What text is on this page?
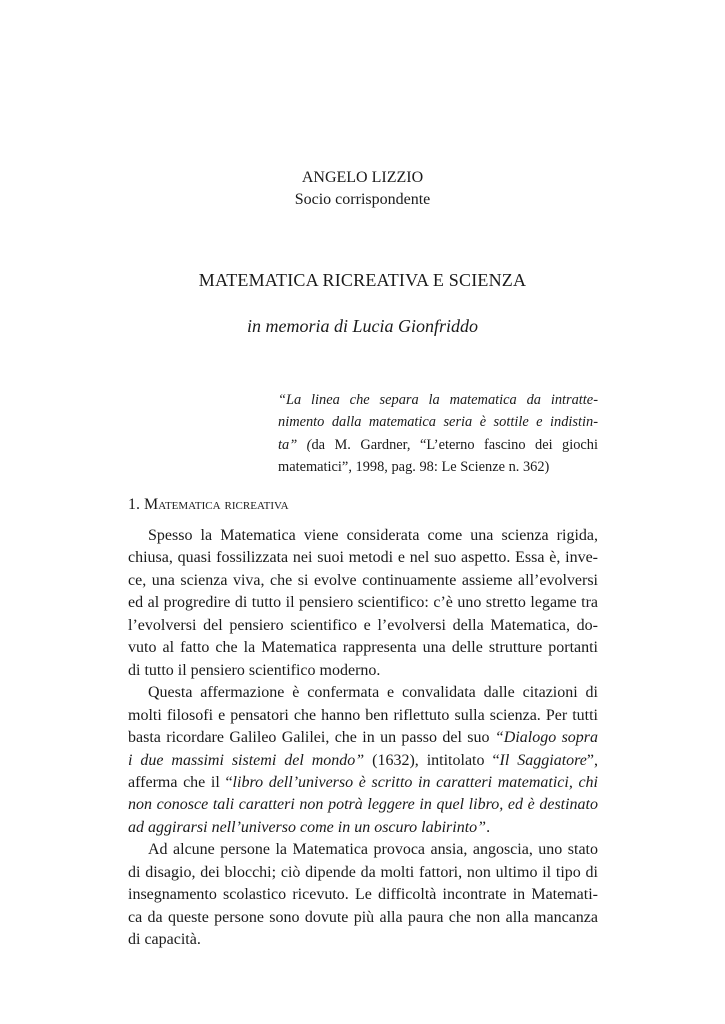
ANGELO LIZZIO
Socio corrispondente
MATEMATICA RICREATIVA E SCIENZA
in memoria di Lucia Gionfriddo
“La linea che separa la matematica da intratte-
nimento dalla matematica seria è sottile e indistin-
ta” (da M. Gardner, “L’eterno fascino dei giochi
matematici”, 1998, pag. 98: Le Scienze n. 362)
1. Matematica ricreativa

Spesso la Matematica viene considerata come una scienza rigida,
chiusa, quasi fossilizzata nei suoi metodi e nel suo aspetto. Essa è, inve-
ce, una scienza viva, che si evolve continuamente assieme all’evolversi
ed al progredire di tutto il pensiero scientifico: c’è uno stretto legame tra
l’evolversi del pensiero scientifico e l’evolversi della Matematica, do-
vuto al fatto che la Matematica rappresenta una delle strutture portanti
di tutto il pensiero scientifico moderno.

Questa affermazione è confermata e convalidata dalle citazioni di
molti filosofi e pensatori che hanno ben riflettuto sulla scienza. Per tutti
basta ricordare Galileo Galilei, che in un passo del suo “Dialogo sopra
i due massimi sistemi del mondo” (1632), intitolato “Il Saggiatore”,
afferma che il “libro dell’universo è scritto in caratteri matematici, chi
non conosce tali caratteri non potrà leggere in quel libro, ed è destinato
ad aggirarsi nell’universo come in un oscuro labirinto”.

Ad alcune persone la Matematica provoca ansia, angoscia, uno stato
di disagio, dei blocchi; ciò dipende da molti fattori, non ultimo il tipo di
insegnamento scolastico ricevuto. Le difficoltà incontrate in Matemati-
ca da queste persone sono dovute più alla paura che non alla mancanza
di capacità.
